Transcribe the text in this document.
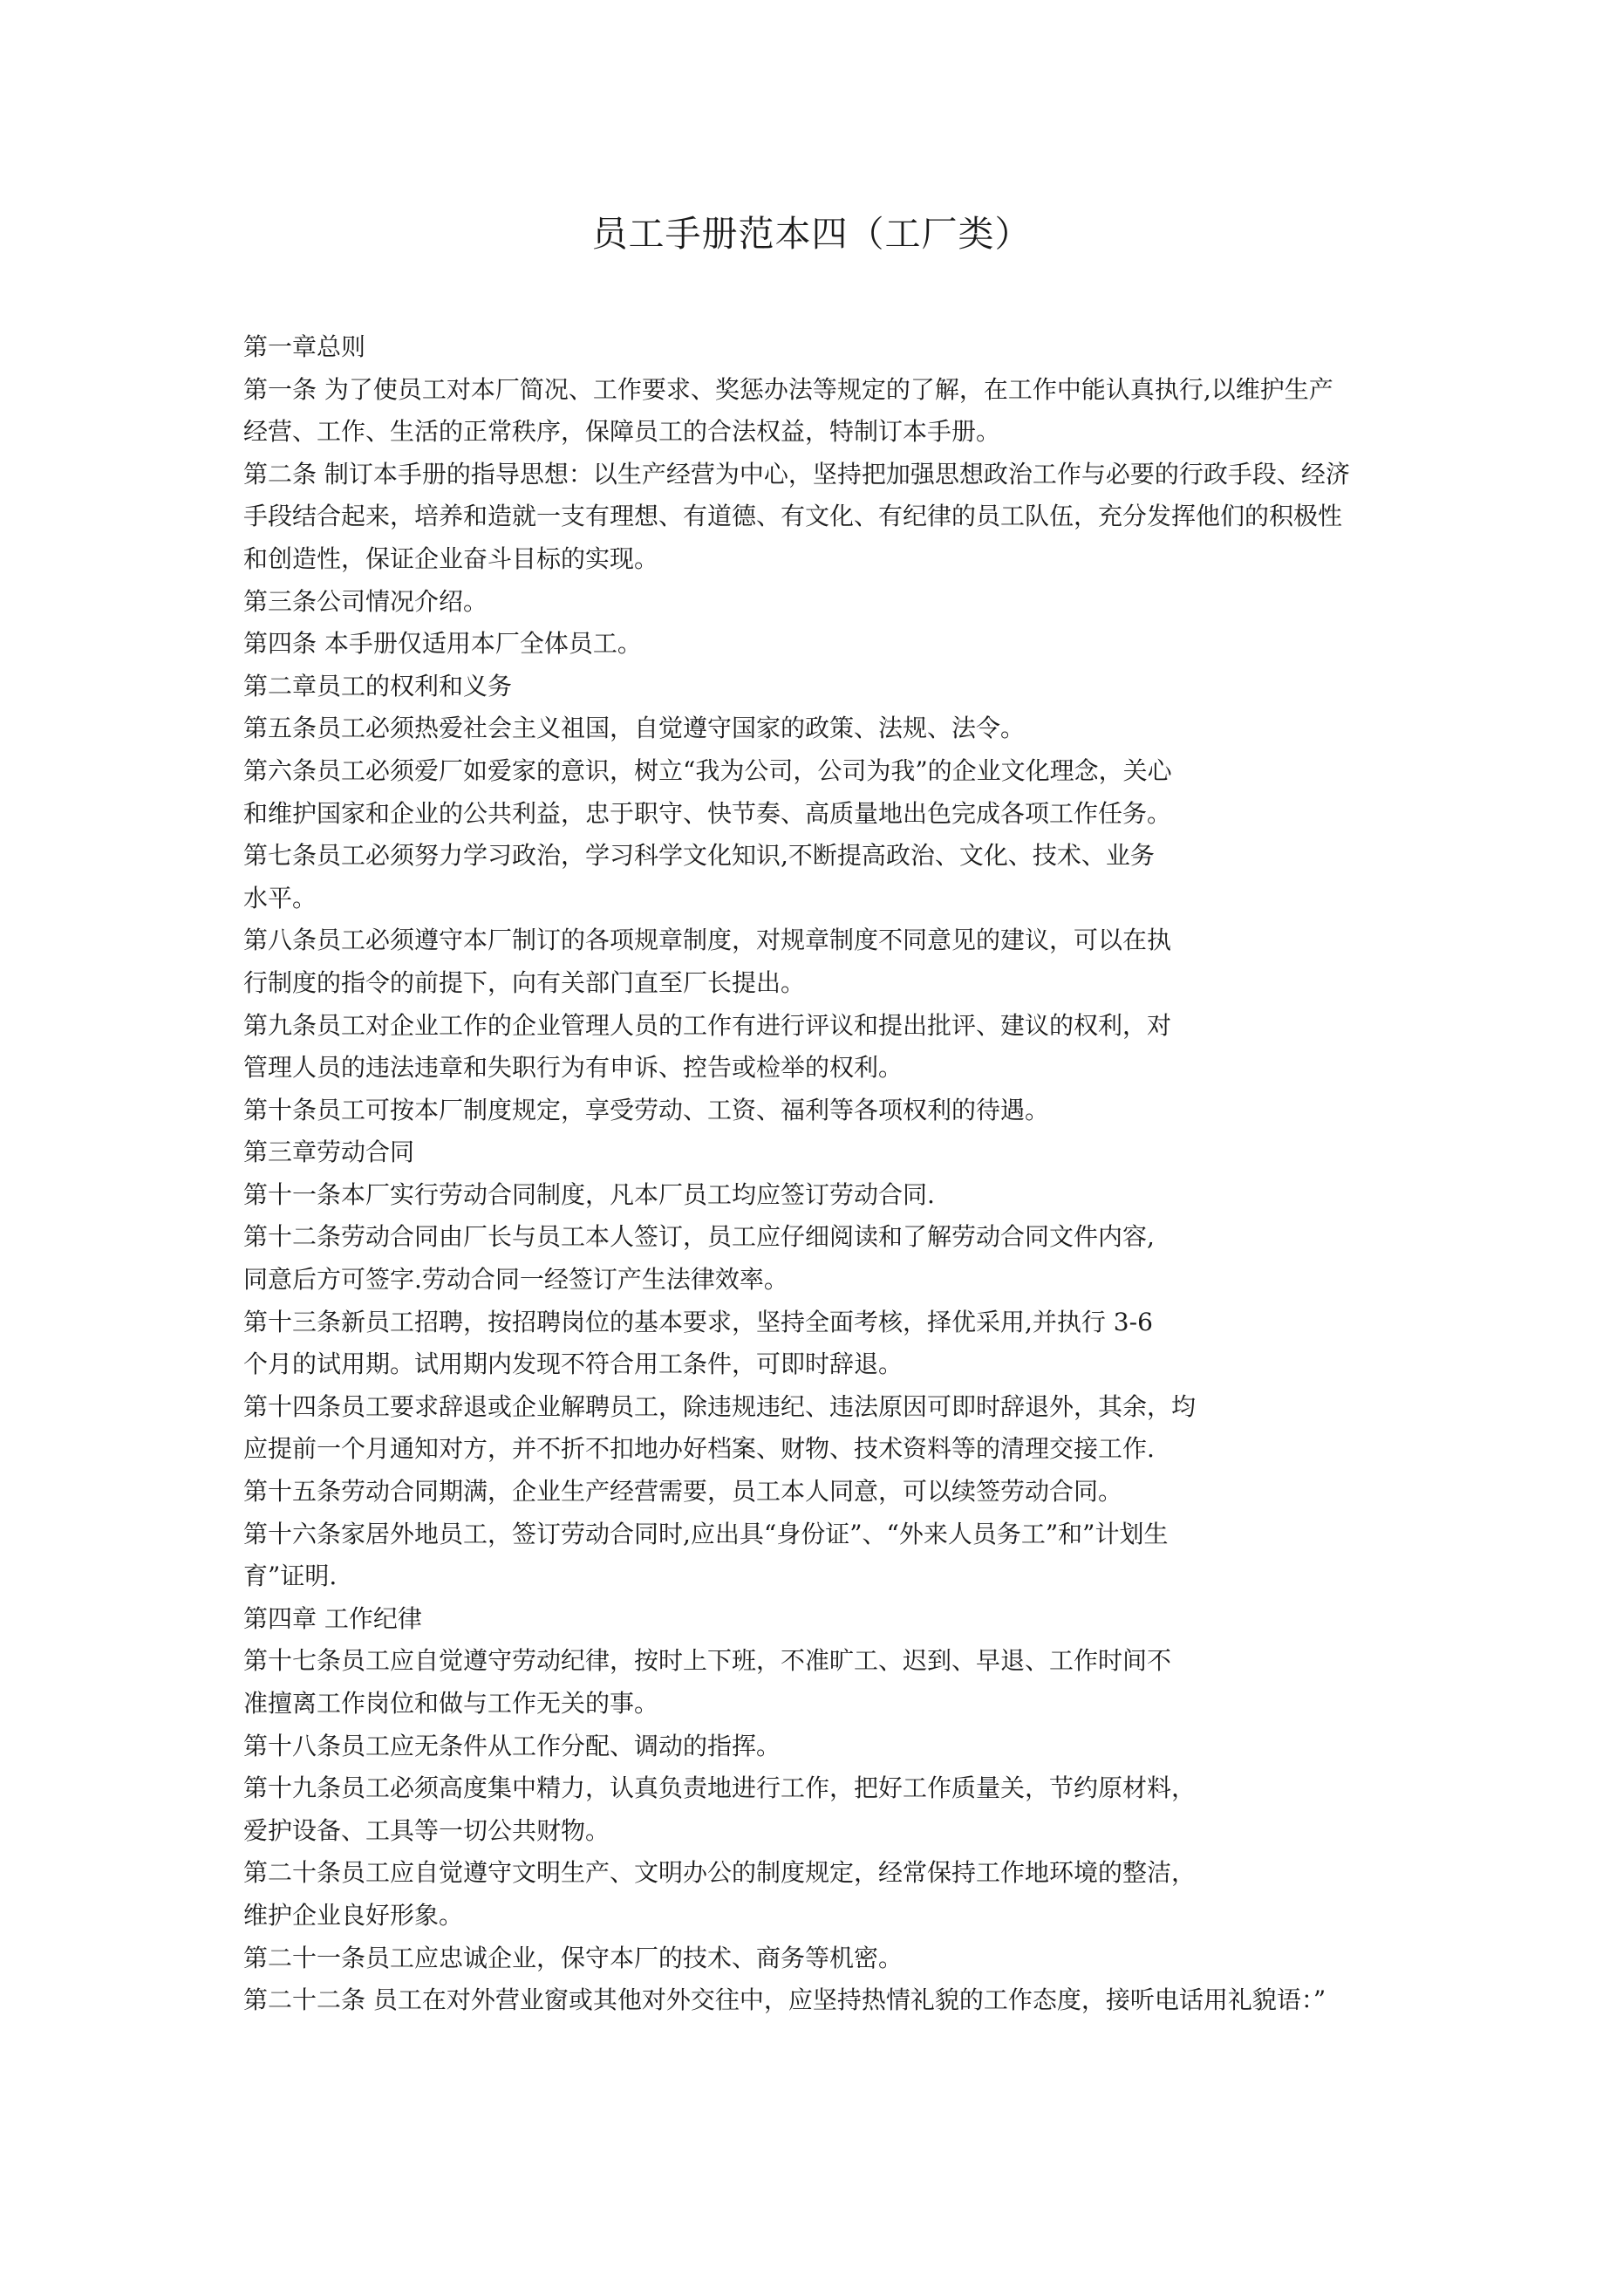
员工手册范本四（工厂类）
第一章总则
第一条 为了使员工对本厂简况、工作要求、奖惩办法等规定的了解，在工作中能认真执行,以维护生产
经营、工作、生活的正常秩序，保障员工的合法权益，特制订本手册。
第二条 制订本手册的指导思想：以生产经营为中心，坚持把加强思想政治工作与必要的行政手段、经济
手段结合起来，培养和造就一支有理想、有道德、有文化、有纪律的员工队伍，充分发挥他们的积极性
和创造性，保证企业奋斗目标的实现。
第三条公司情况介绍。
第四条 本手册仅适用本厂全体员工。
第二章员工的权利和义务
第五条员工必须热爱社会主义祖国，自觉遵守国家的政策、法规、法令。
第六条员工必须爱厂如爱家的意识，树立“我为公司，公司为我”的企业文化理念，关心
和维护国家和企业的公共利益，忠于职守、快节奏、高质量地出色完成各项工作任务。
第七条员工必须努力学习政治，学习科学文化知识,不断提高政治、文化、技术、业务
水平。
第八条员工必须遵守本厂制订的各项规章制度，对规章制度不同意见的建议，可以在执
行制度的指令的前提下，向有关部门直至厂长提出。
第九条员工对企业工作的企业管理人员的工作有进行评议和提出批评、建议的权利，对
管理人员的违法违章和失职行为有申诉、控告或检举的权利。
第十条员工可按本厂制度规定，享受劳动、工资、福利等各项权利的待遇。
第三章劳动合同
第十一条本厂实行劳动合同制度，凡本厂员工均应签订劳动合同.
第十二条劳动合同由厂长与员工本人签订，员工应仔细阅读和了解劳动合同文件内容,
同意后方可签字.劳动合同一经签订产生法律效率。
第十三条新员工招聘，按招聘岗位的基本要求，坚持全面考核，择优采用,并执行 3-6
个月的试用期。试用期内发现不符合用工条件，可即时辞退。
第十四条员工要求辞退或企业解聘员工，除违规违纪、违法原因可即时辞退外，其余，均
应提前一个月通知对方，并不折不扣地办好档案、财物、技术资料等的清理交接工作.
第十五条劳动合同期满，企业生产经营需要，员工本人同意，可以续签劳动合同。
第十六条家居外地员工，签订劳动合同时,应出具“身份证”、“外来人员务工”和”计划生
育”证明.
第四章 工作纪律
第十七条员工应自觉遵守劳动纪律，按时上下班，不准旷工、迟到、早退、工作时间不
准擅离工作岗位和做与工作无关的事。
第十八条员工应无条件从工作分配、调动的指挥。
第十九条员工必须高度集中精力，认真负责地进行工作，把好工作质量关，节约原材料，
爱护设备、工具等一切公共财物。
第二十条员工应自觉遵守文明生产、文明办公的制度规定，经常保持工作地环境的整洁，
维护企业良好形象。
第二十一条员工应忠诚企业，保守本厂的技术、商务等机密。
第二十二条 员工在对外营业窗或其他对外交往中，应坚持热情礼貌的工作态度，接听电话用礼貌语：”
